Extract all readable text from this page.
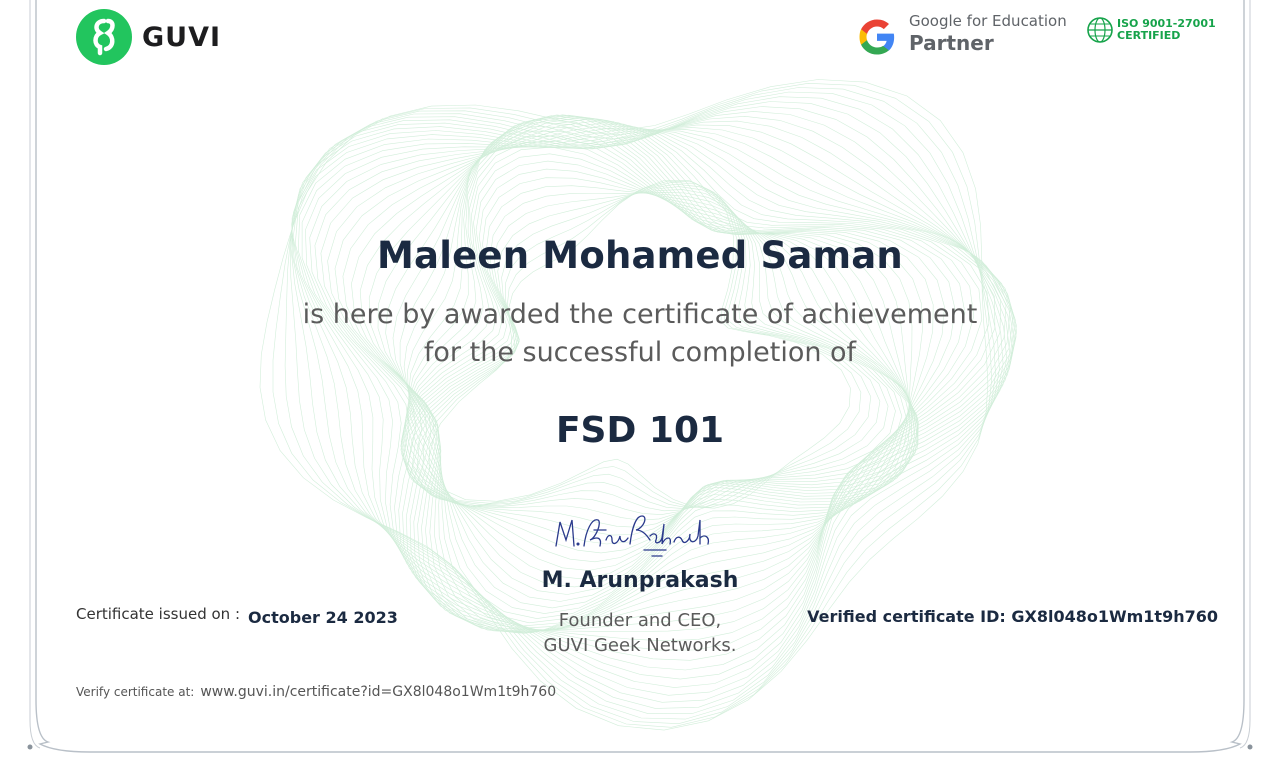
GUVI
Google for Education
Partner
ISO 9001-27001
CERTIFIED
Maleen Mohamed Saman
is here by awarded the certificate of achievement
for the successful completion of
FSD 101
M. Arunprakash
Founder and CEO,
GUVI Geek Networks.
Certificate issued on : October 24 2023	Verified certificate ID: GX8l048o1Wm1t9h760
Verify certificate at: www.guvi.in/certificate?id=GX8l048o1Wm1t9h760
